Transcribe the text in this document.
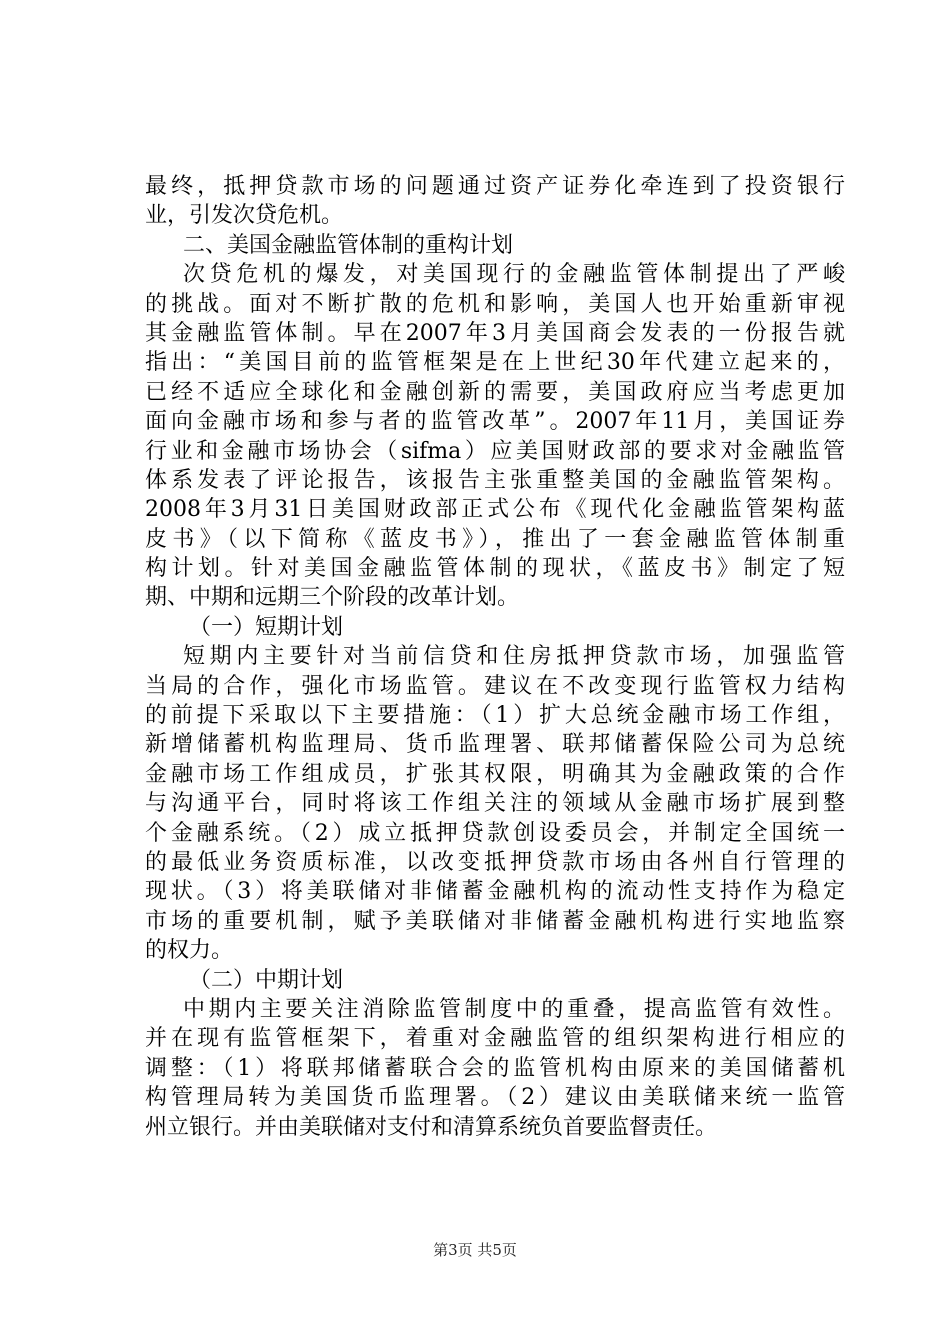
最终，抵押贷款市场的问题通过资产证券化牵连到了投资银行
业，引发次贷危机。
二、美国金融监管体制的重构计划
次贷危机的爆发，对美国现行的金融监管体制提出了严峻
的挑战。面对不断扩散的危机和影响，美国人也开始重新审视
其金融监管体制。早在2007年3月美国商会发表的一份报告就
指出：“美国目前的监管框架是在上世纪30年代建立起来的，
已经不适应全球化和金融创新的需要，美国政府应当考虑更加
面向金融市场和参与者的监管改革”。2007年11月，美国证券
行业和金融市场协会（sifma）应美国财政部的要求对金融监管
体系发表了评论报告，该报告主张重整美国的金融监管架构。
2008年3月31日美国财政部正式公布《现代化金融监管架构蓝
皮书》（以下简称《蓝皮书》），推出了一套金融监管体制重
构计划。针对美国金融监管体制的现状，《蓝皮书》制定了短
期、中期和远期三个阶段的改革计划。
（一）短期计划
短期内主要针对当前信贷和住房抵押贷款市场，加强监管
当局的合作，强化市场监管。建议在不改变现行监管权力结构
的前提下采取以下主要措施：（1）扩大总统金融市场工作组，
新增储蓄机构监理局、货币监理署、联邦储蓄保险公司为总统
金融市场工作组成员，扩张其权限，明确其为金融政策的合作
与沟通平台，同时将该工作组关注的领域从金融市场扩展到整
个金融系统。（2）成立抵押贷款创设委员会，并制定全国统一
的最低业务资质标准，以改变抵押贷款市场由各州自行管理的
现状。（3）将美联储对非储蓄金融机构的流动性支持作为稳定
市场的重要机制，赋予美联储对非储蓄金融机构进行实地监察
的权力。
（二）中期计划
中期内主要关注消除监管制度中的重叠，提高监管有效性。
并在现有监管框架下，着重对金融监管的组织架构进行相应的
调整：（1）将联邦储蓄联合会的监管机构由原来的美国储蓄机
构管理局转为美国货币监理署。（2）建议由美联储来统一监管
州立银行。并由美联储对支付和清算系统负首要监督责任。
第3页 共5页
